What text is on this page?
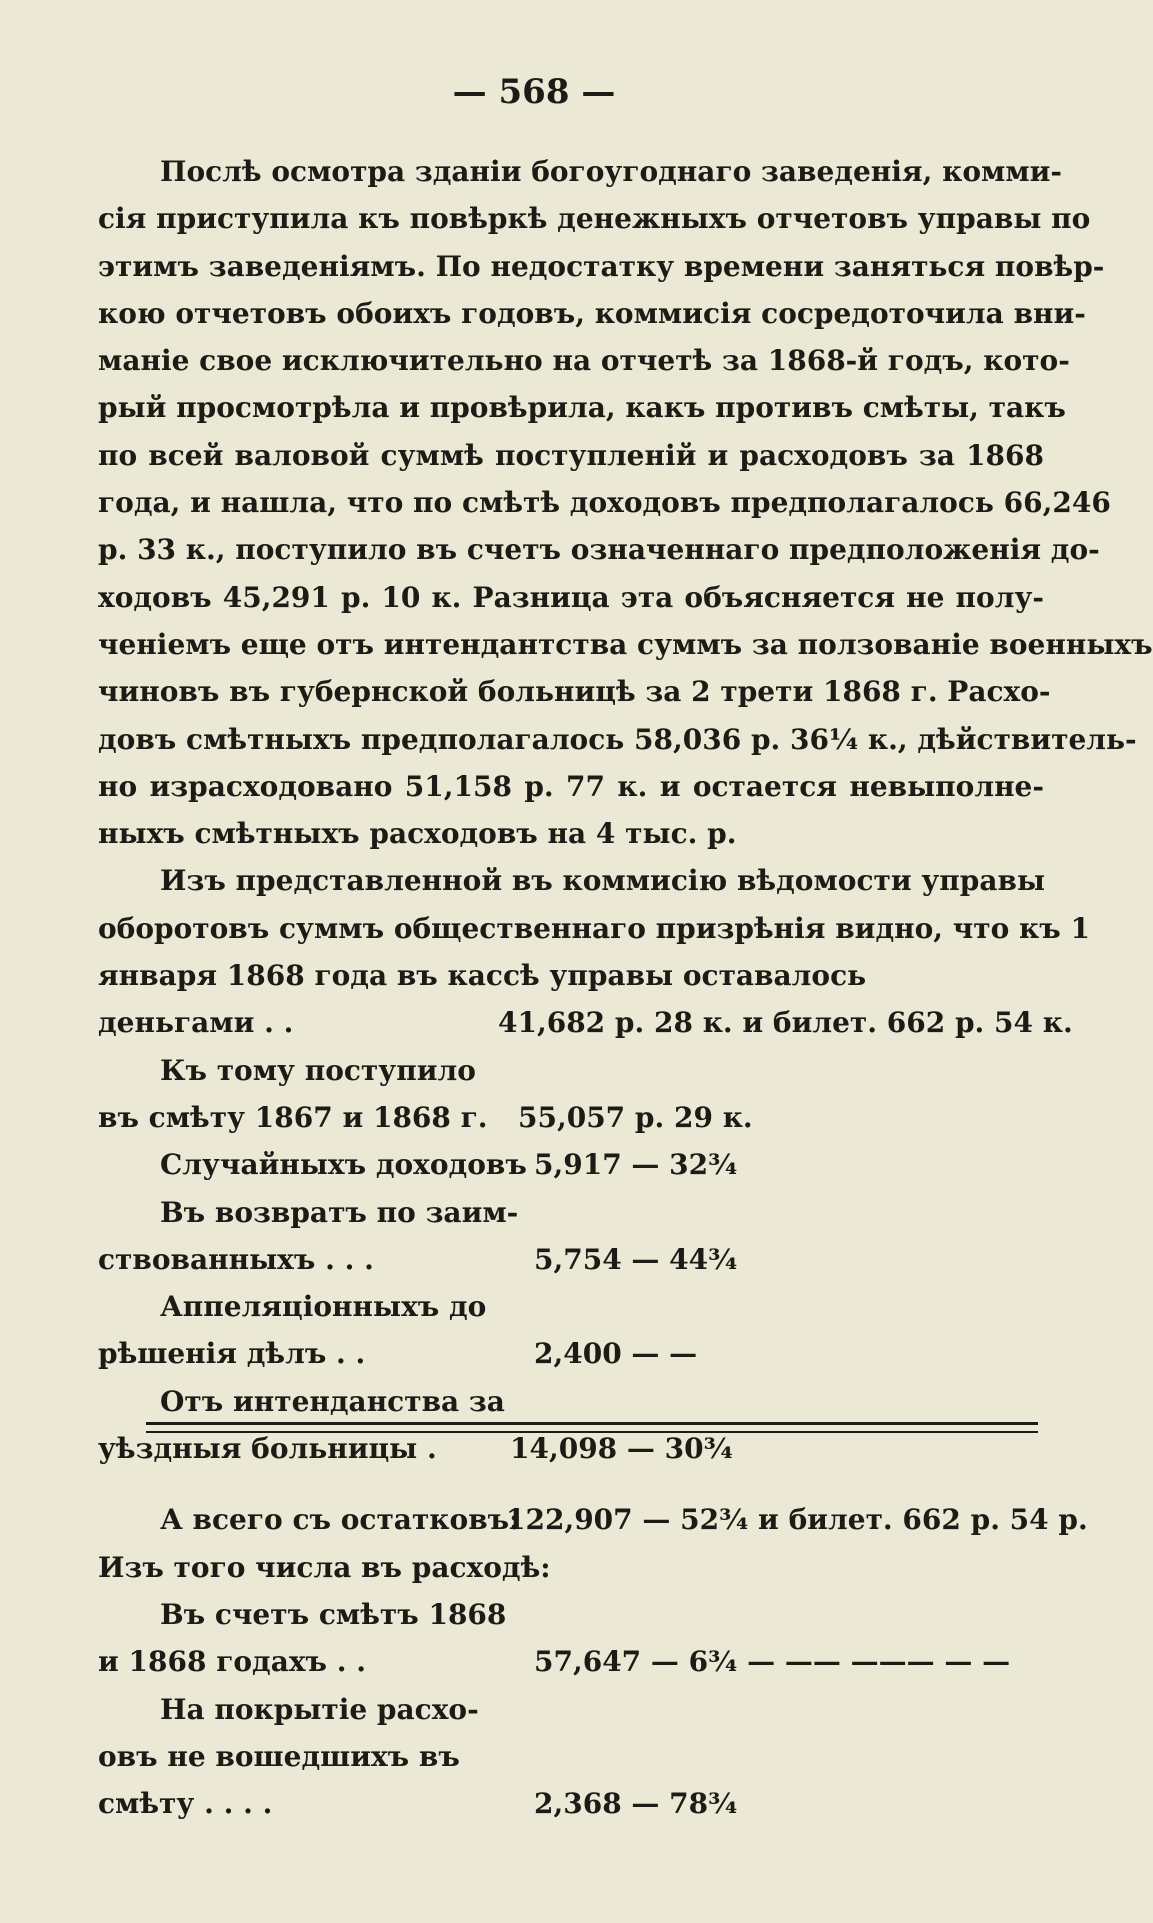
— 568 —
Послѣ осмотра зданіи богоугоднаго заведенія, комми-
сія приступила къ повѣркѣ денежныхъ отчетовъ управы по
этимъ заведеніямъ. По недостатку времени заняться повѣр-
кою отчетовъ обоихъ годовъ, коммисія сосредоточила вни-
маніе свое исключительно на отчетѣ за 1868-й годъ, кото-
рый просмотрѣла и провѣрила, какъ противъ смѣты, такъ
по всей валовой суммѣ поступленій и расходовъ за 1868
года, и нашла, что по смѣтѣ доходовъ предполагалось 66,246
р. 33 к., поступило въ счетъ означеннаго предположенія до-
ходовъ 45,291 р. 10 к. Разница эта объясняется не полу-
ченіемъ еще отъ интендантства суммъ за ползованіе военныхъ
чиновъ въ губернской больницѣ за 2 трети 1868 г. Расхо-
довъ смѣтныхъ предполагалось 58,036 р. 36¼ к., дѣйствитель-
но израсходовано 51,158 р. 77 к. и остается невыполне-
ныхъ смѣтныхъ расходовъ на 4 тыс. р.
Изъ представленной въ коммисію вѣдомости управы
оборотовъ суммъ общественнаго призрѣнія видно, что къ 1
января 1868 года въ кассѣ управы оставалось
деньгами . .	41,682 р. 28 к. и билет. 662 р. 54 к.
Къ тому поступило
въ смѣту 1867 и 1868 г. 55,057 р. 29 к.
Случайныхъ доходовъ 5,917 — 32¾
Въ возвратъ по заим-
ствованныхъ . . .	5,754 — 44¾
Аппеляціонныхъ до
рѣшенія дѣлъ . .	2,400 — —
Отъ интенданства за
уѣздныя больницы .	14,098 — 30¾
А всего съ остатковъ:
122,907 — 52¾ и билет. 662 р. 54 р.
Изъ того числа въ расходѣ:
Въ счетъ смѣтъ 1868
и 1868 годахъ . .	57,647 — 6¾ — —— ——— — —
На покрытіе расхо-
овъ не вошедшихъ въ
смѣту . . . .	2,368 — 78¾
